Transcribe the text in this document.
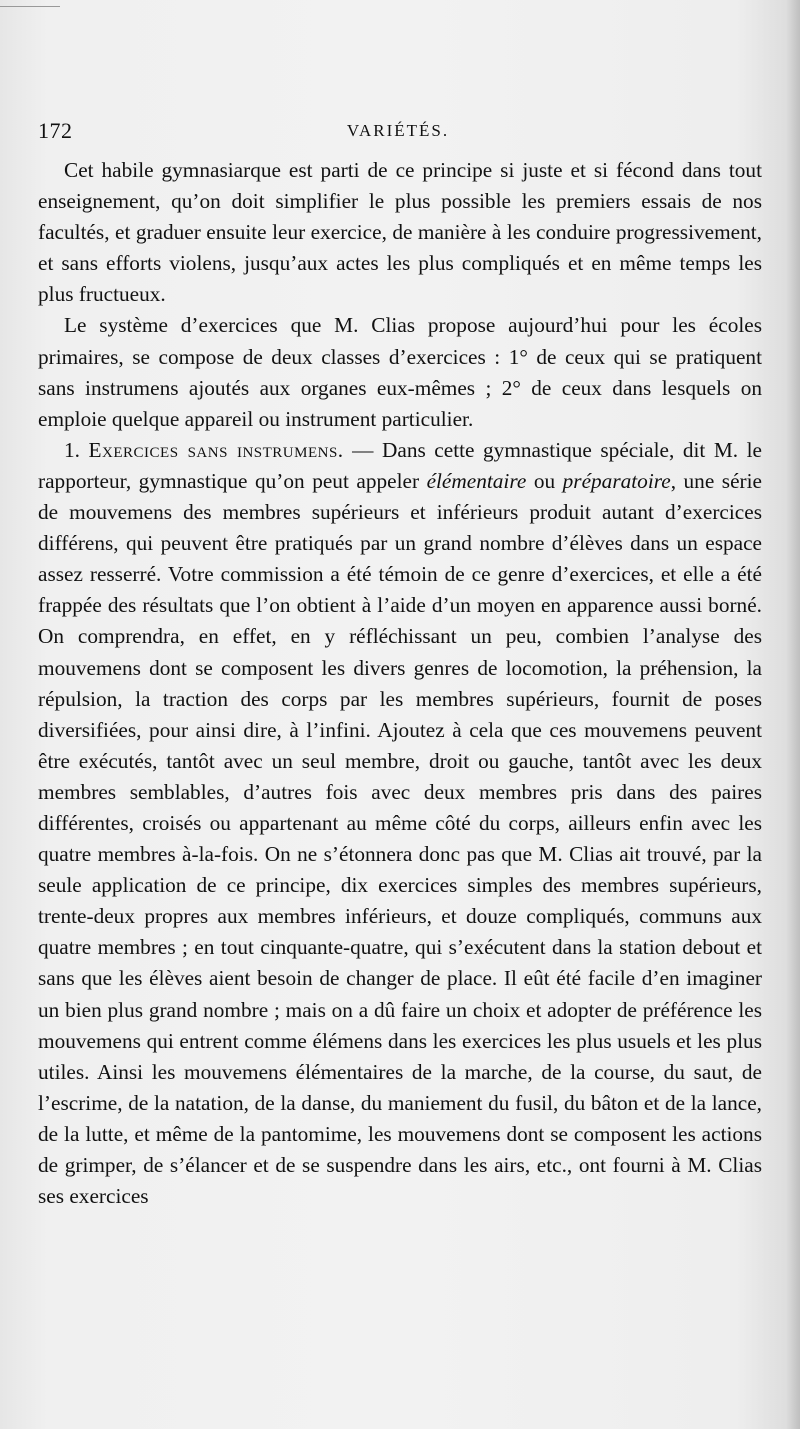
172	VARIÉTÉS.

Cet habile gymnasiarque est parti de ce principe si juste et si fécond dans tout enseignement, qu’on doit simplifier le plus possible les premiers essais de nos facultés, et graduer ensuite leur exercice, de manière à les conduire progressivement, et sans efforts violens, jusqu’aux actes les plus compliqués et en même temps les plus fructueux.

Le système d’exercices que M. Clias propose aujourd’hui pour les écoles primaires, se compose de deux classes d’exercices : 1° de ceux qui se pratiquent sans instrumens ajoutés aux organes eux-mêmes ; 2° de ceux dans lesquels on emploie quelque appareil ou instrument particulier.

1. Exercices sans instrumens. — Dans cette gymnastique spéciale, dit M. le rapporteur, gymnastique qu’on peut appeler élémentaire ou préparatoire, une série de mouvemens des membres supérieurs et inférieurs produit autant d’exercices différens, qui peuvent être pratiqués par un grand nombre d’élèves dans un espace assez resserré. Votre commission a été témoin de ce genre d’exercices, et elle a été frappée des résultats que l’on obtient à l’aide d’un moyen en apparence aussi borné. On comprendra, en effet, en y réfléchissant un peu, combien l’analyse des mouvemens dont se composent les divers genres de locomotion, la préhension, la répulsion, la traction des corps par les membres supérieurs, fournit de poses diversifiées, pour ainsi dire, à l’infini. Ajoutez à cela que ces mouvemens peuvent être exécutés, tantôt avec un seul membre, droit ou gauche, tantôt avec les deux membres semblables, d’autres fois avec deux membres pris dans des paires différentes, croisés ou appartenant au même côté du corps, ailleurs enfin avec les quatre membres à-la-fois. On ne s’étonnera donc pas que M. Clias ait trouvé, par la seule application de ce principe, dix exercices simples des membres supérieurs, trente-deux propres aux membres inférieurs, et douze compliqués, communs aux quatre membres ; en tout cinquante-quatre, qui s’exécutent dans la station debout et sans que les élèves aient besoin de changer de place. Il eût été facile d’en imaginer un bien plus grand nombre ; mais on a dû faire un choix et adopter de préférence les mouvemens qui entrent comme élémens dans les exercices les plus usuels et les plus utiles. Ainsi les mouvemens élémentaires de la marche, de la course, du saut, de l’escrime, de la natation, de la danse, du maniement du fusil, du bâton et de la lance, de la lutte, et même de la pantomime, les mouvemens dont se composent les actions de grimper, de s’élancer et de se suspendre dans les airs, etc., ont fourni à M. Clias ses exercices
